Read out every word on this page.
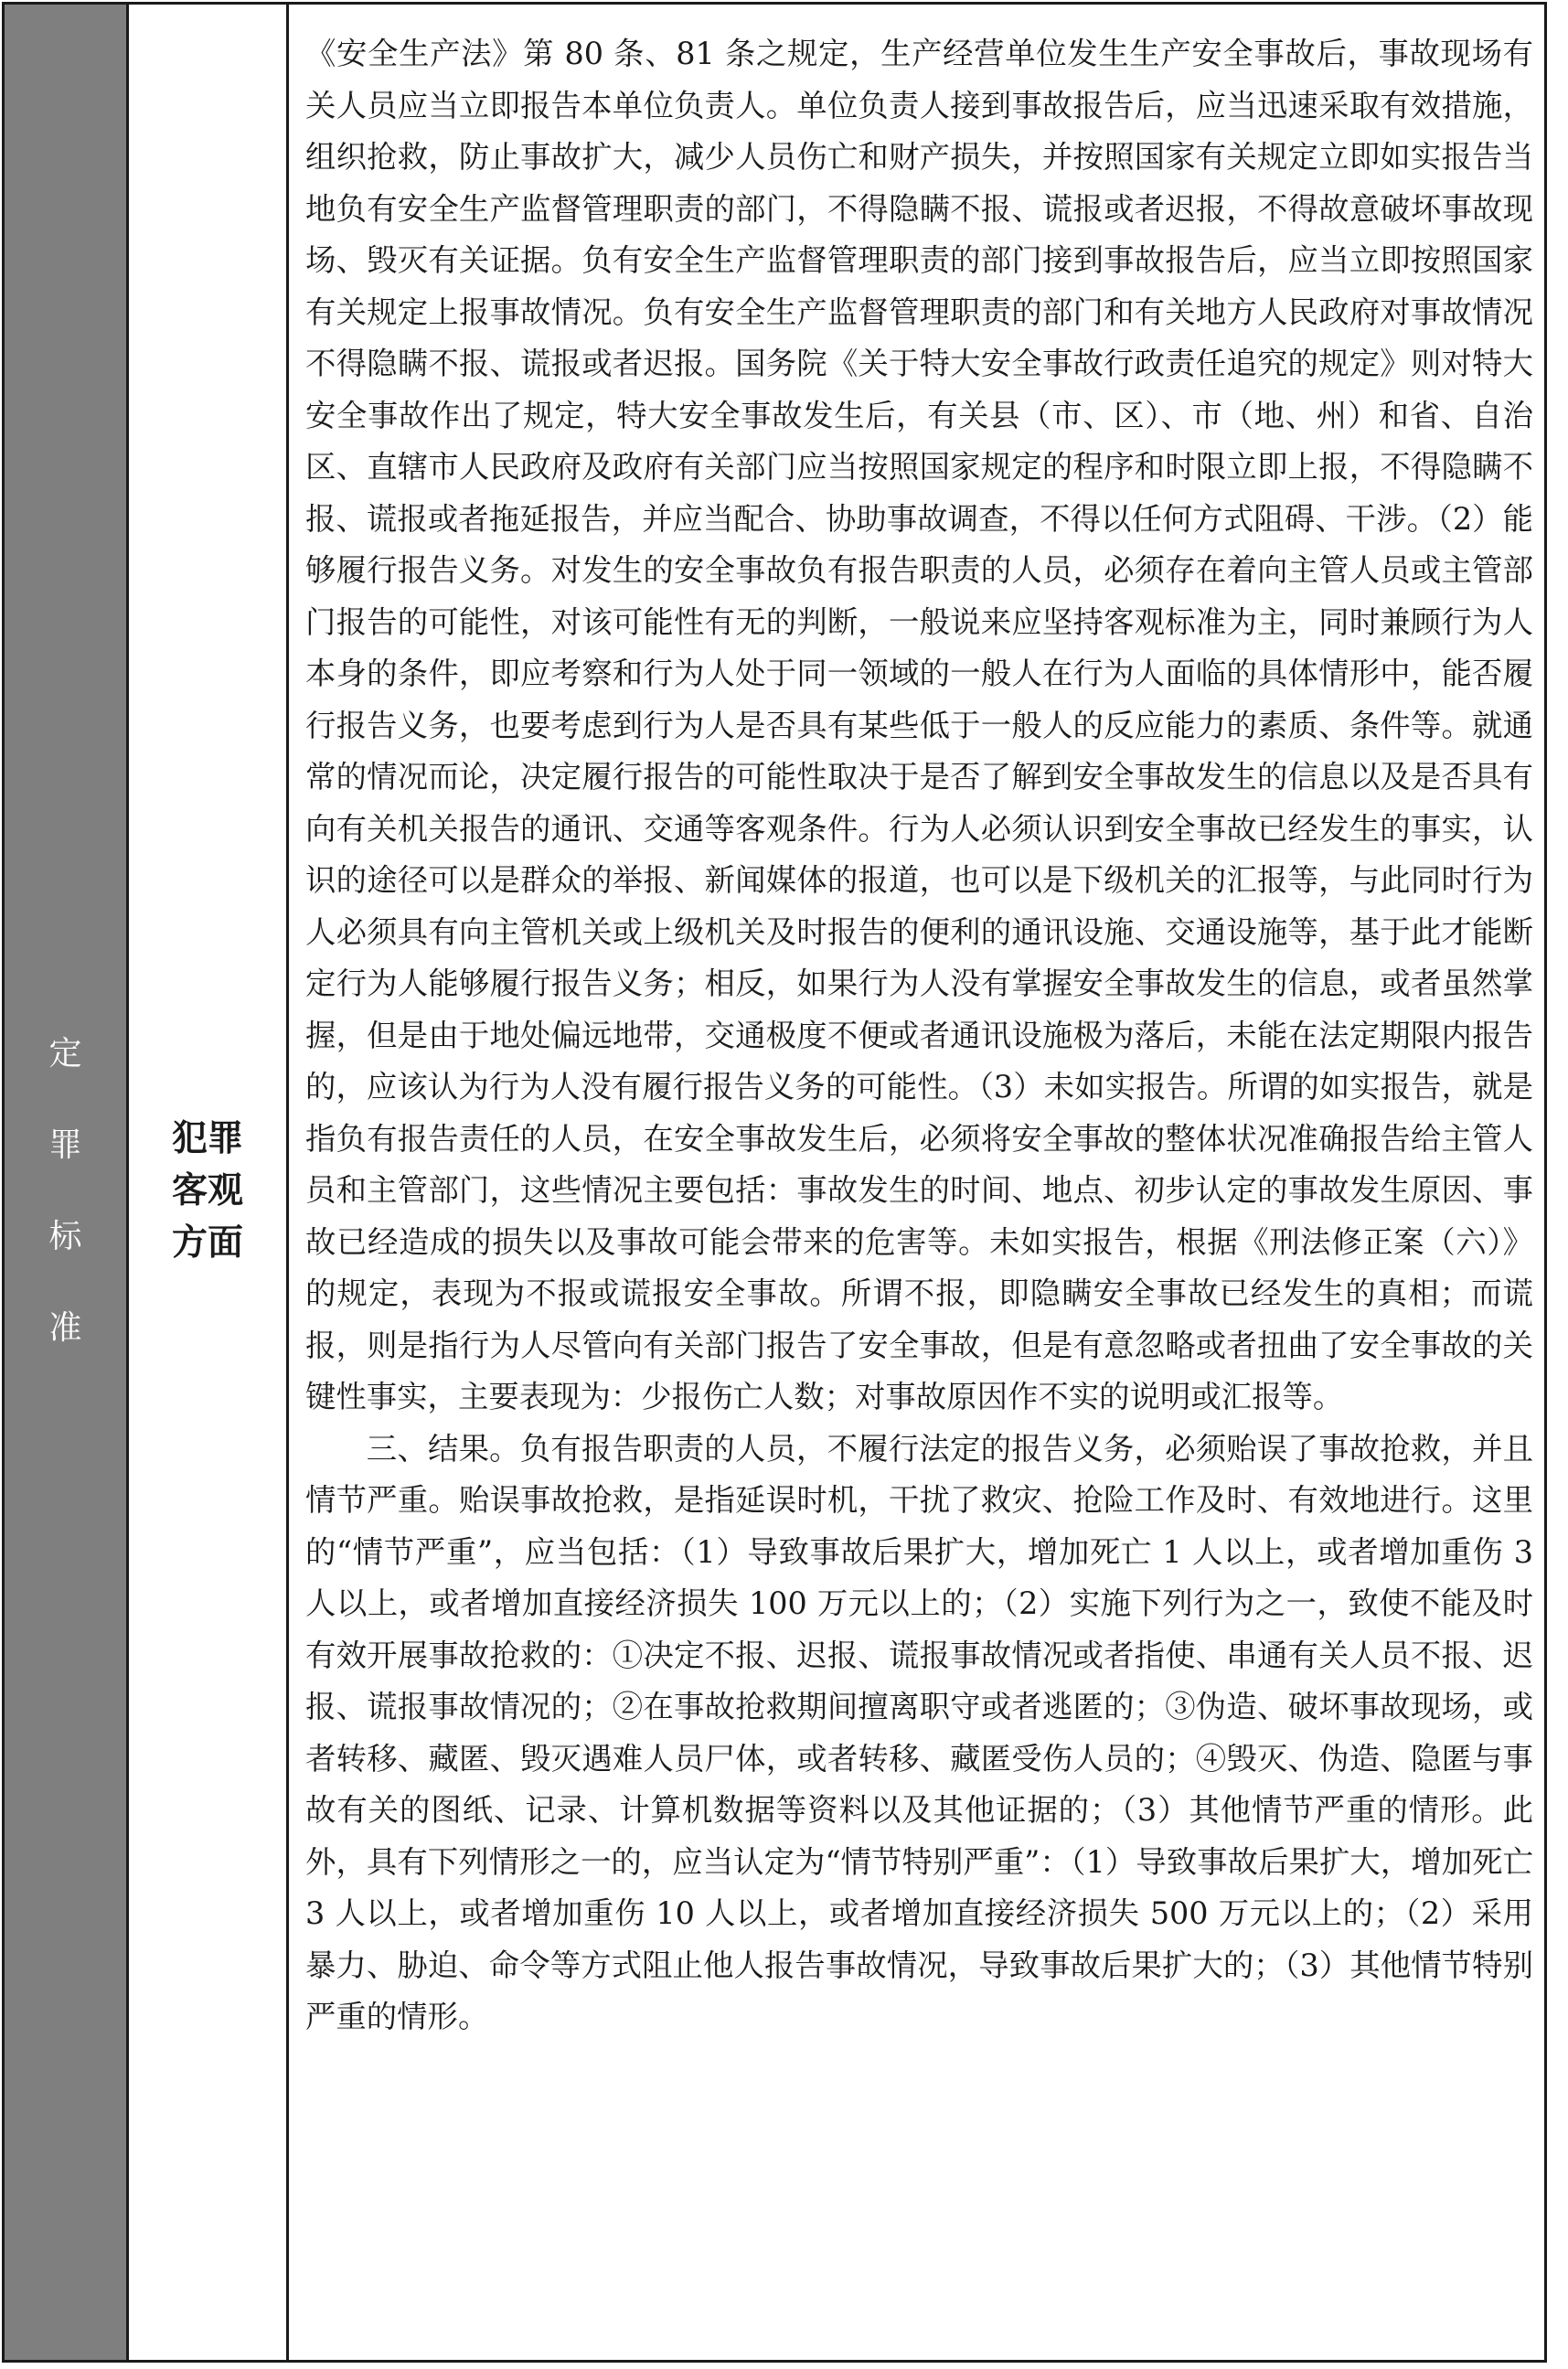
定
罪
标
准
犯罪
客观
方面

《安全生产法》第 80 条、81 条之规定，生产经营单位发生生产安全事故后，事故现场有关人员应当立即报告本单位负责人。单位负责人接到事故报告后，应当迅速采取有效措施，组织抢救，防止事故扩大，减少人员伤亡和财产损失，并按照国家有关规定立即如实报告当地负有安全生产监督管理职责的部门，不得隐瞒不报、谎报或者迟报，不得故意破坏事故现场、毁灭有关证据。负有安全生产监督管理职责的部门接到事故报告后，应当立即按照国家有关规定上报事故情况。负有安全生产监督管理职责的部门和有关地方人民政府对事故情况不得隐瞒不报、谎报或者迟报。国务院《关于特大安全事故行政责任追究的规定》则对特大安全事故作出了规定，特大安全事故发生后，有关县（市、区）、市（地、州）和省、自治区、直辖市人民政府及政府有关部门应当按照国家规定的程序和时限立即上报，不得隐瞒不报、谎报或者拖延报告，并应当配合、协助事故调查，不得以任何方式阻碍、干涉。（2）能够履行报告义务。对发生的安全事故负有报告职责的人员，必须存在着向主管人员或主管部门报告的可能性，对该可能性有无的判断，一般说来应坚持客观标准为主，同时兼顾行为人本身的条件，即应考察和行为人处于同一领域的一般人在行为人面临的具体情形中，能否履行报告义务，也要考虑到行为人是否具有某些低于一般人的反应能力的素质、条件等。就通常的情况而论，决定履行报告的可能性取决于是否了解到安全事故发生的信息以及是否具有向有关机关报告的通讯、交通等客观条件。行为人必须认识到安全事故已经发生的事实，认识的途径可以是群众的举报、新闻媒体的报道，也可以是下级机关的汇报等，与此同时行为人必须具有向主管机关或上级机关及时报告的便利的通讯设施、交通设施等，基于此才能断定行为人能够履行报告义务；相反，如果行为人没有掌握安全事故发生的信息，或者虽然掌握，但是由于地处偏远地带，交通极度不便或者通讯设施极为落后，未能在法定期限内报告的，应该认为行为人没有履行报告义务的可能性。（3）未如实报告。所谓的如实报告，就是指负有报告责任的人员，在安全事故发生后，必须将安全事故的整体状况准确报告给主管人员和主管部门，这些情况主要包括：事故发生的时间、地点、初步认定的事故发生原因、事故已经造成的损失以及事故可能会带来的危害等。未如实报告，根据《刑法修正案（六）》的规定，表现为不报或谎报安全事故。所谓不报，即隐瞒安全事故已经发生的真相；而谎报，则是指行为人尽管向有关部门报告了安全事故，但是有意忽略或者扭曲了安全事故的关键性事实，主要表现为：少报伤亡人数；对事故原因作不实的说明或汇报等。

三、结果。负有报告职责的人员，不履行法定的报告义务，必须贻误了事故抢救，并且情节严重。贻误事故抢救，是指延误时机，干扰了救灾、抢险工作及时、有效地进行。这里的“情节严重”，应当包括：（1）导致事故后果扩大，增加死亡 1 人以上，或者增加重伤 3 人以上，或者增加直接经济损失 100 万元以上的；（2）实施下列行为之一，致使不能及时有效开展事故抢救的：①决定不报、迟报、谎报事故情况或者指使、串通有关人员不报、迟报、谎报事故情况的；②在事故抢救期间擅离职守或者逃匿的；③伪造、破坏事故现场，或者转移、藏匿、毁灭遇难人员尸体，或者转移、藏匿受伤人员的；④毁灭、伪造、隐匿与事故有关的图纸、记录、计算机数据等资料以及其他证据的；（3）其他情节严重的情形。此外，具有下列情形之一的，应当认定为“情节特别严重”：（1）导致事故后果扩大，增加死亡 3 人以上，或者增加重伤 10 人以上，或者增加直接经济损失 500 万元以上的；（2）采用暴力、胁迫、命令等方式阻止他人报告事故情况，导致事故后果扩大的；（3）其他情节特别严重的情形。
